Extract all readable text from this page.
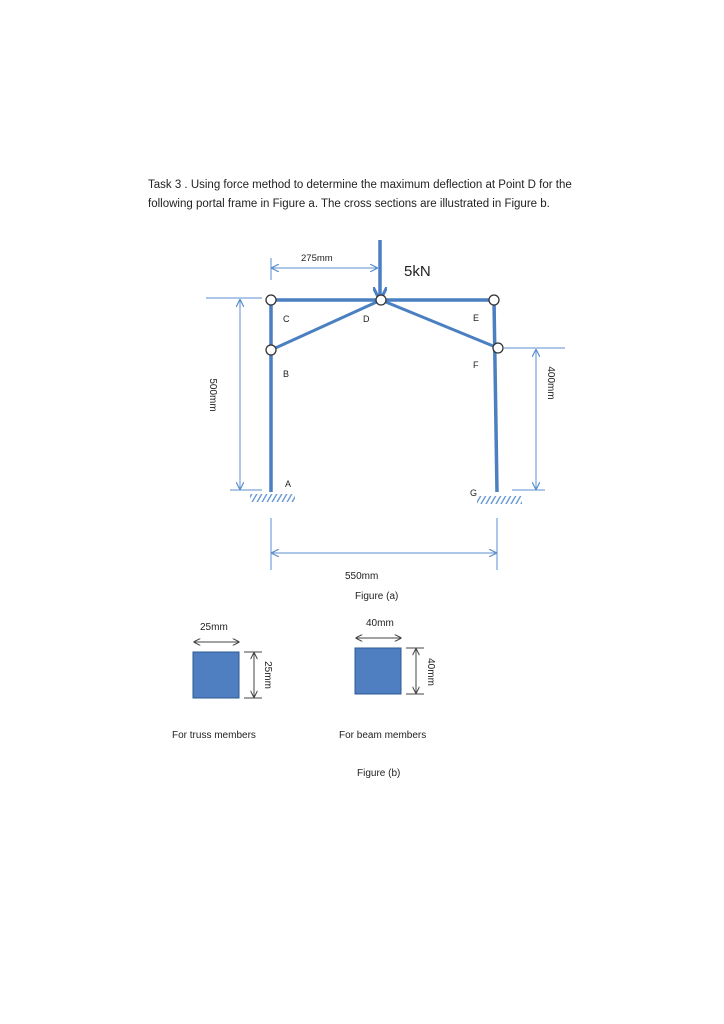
Task 3 . Using force method to determine the maximum deflection at Point D for the
following portal frame in Figure a. The cross sections are illustrated in Figure b.
5kN
C	D	E
F
B
A
G
275mm
500mm	400mm
550mm
Figure (a)
25mm
25mm
For truss members
40mm
40mm
For beam members
Figure (b)
